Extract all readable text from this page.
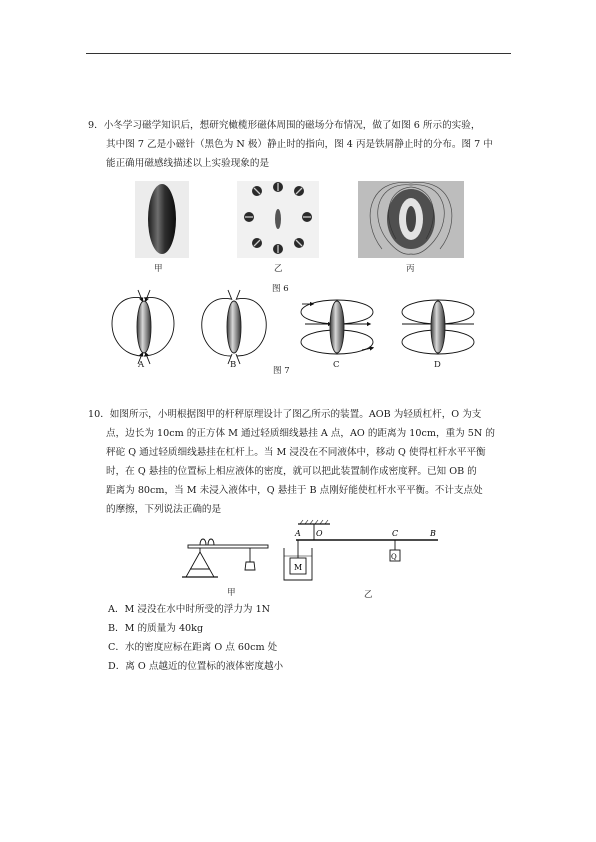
9．小冬学习磁学知识后，想研究橄榄形磁体周围的磁场分布情况，做了如图 6 所示的实验，
其中图 7 乙是小磁针（黑色为 N 极）静止时的指向，图 4 丙是铁屑静止时的分布。图 7 中
能正确用磁感线描述以上实验现象的是
甲	乙	丙
图 6
A	B
图 7
C	D
10．如图所示，小明根据图甲的杆秤原理设计了图乙所示的装置。AOB 为轻质杠杆，O 为支
点，边长为 10cm 的正方体 M 通过轻质细线悬挂 A 点，AO 的距离为 10cm，重为 5N 的
秤砣 Q 通过轻质细线悬挂在杠杆上。当 M 浸没在不同液体中，移动 Q 使得杠杆水平平衡
时，在 Q 悬挂的位置标上相应液体的密度，就可以把此装置制作成密度秤。已知 OB 的
距离为 80cm，当 M 未浸入液体中，Q 悬挂于 B 点刚好能使杠杆水平平衡。不计支点处
的摩擦，下列说法正确的是
甲
A O	C	B
M
Q
乙
A．M 浸没在水中时所受的浮力为 1N
B．M 的质量为 40kg
C．水的密度应标在距离 O 点 60cm 处
D．离 O 点越近的位置标的液体密度越小
